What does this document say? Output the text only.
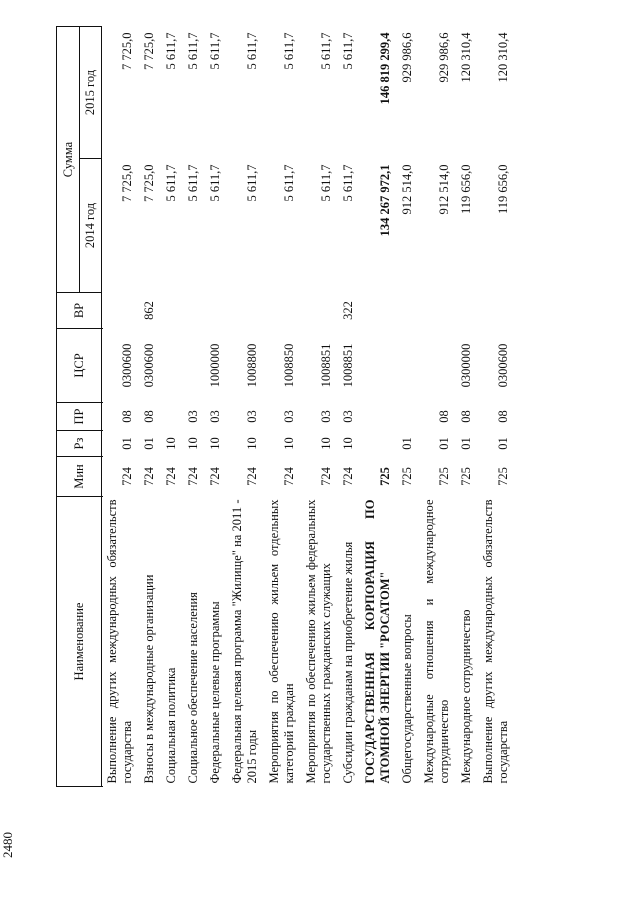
2480
Наименование	Мин	Рз	ПР	ЦСР	ВР	Сумма	
						2014 год	2015 год

Выполнение других международных обязательств государства	724	01	08	0300600		7 725,0	7 725,0
Взносы в международные организации	724	01	08	0300600	862	7 725,0	7 725,0
Социальная политика	724	10				5 611,7	5 611,7
Социальное обеспечение населения	724	10	03			5 611,7	5 611,7
Федеральные целевые программы	724	10	03	1000000		5 611,7	5 611,7
Федеральная целевая программа "Жилище" на 2011 - 2015 годы	724	10	03	1008800		5 611,7	5 611,7
Мероприятия по обеспечению жильем отдельных категорий граждан	724	10	03	1008850		5 611,7	5 611,7
Мероприятия по обеспечению жильем федеральных государственных гражданских служащих	724	10	03	1008851		5 611,7	5 611,7
Субсидии гражданам на приобретение жилья	724	10	03	1008851	322	5 611,7	5 611,7
ГОСУДАРСТВЕННАЯ КОРПОРАЦИЯ ПО АТОМНОЙ ЭНЕРГИИ "РОСАТОМ"	725					134 267 972,1	146 819 299,4
Общегосударственные вопросы	725	01				912 514,0	929 986,6
Международные отношения и международное сотрудничество	725	01	08			912 514,0	929 986,6
Международное сотрудничество	725	01	08	0300000		119 656,0	120 310,4
Выполнение других международных обязательств государства	725	01	08	0300600		119 656,0	120 310,4
